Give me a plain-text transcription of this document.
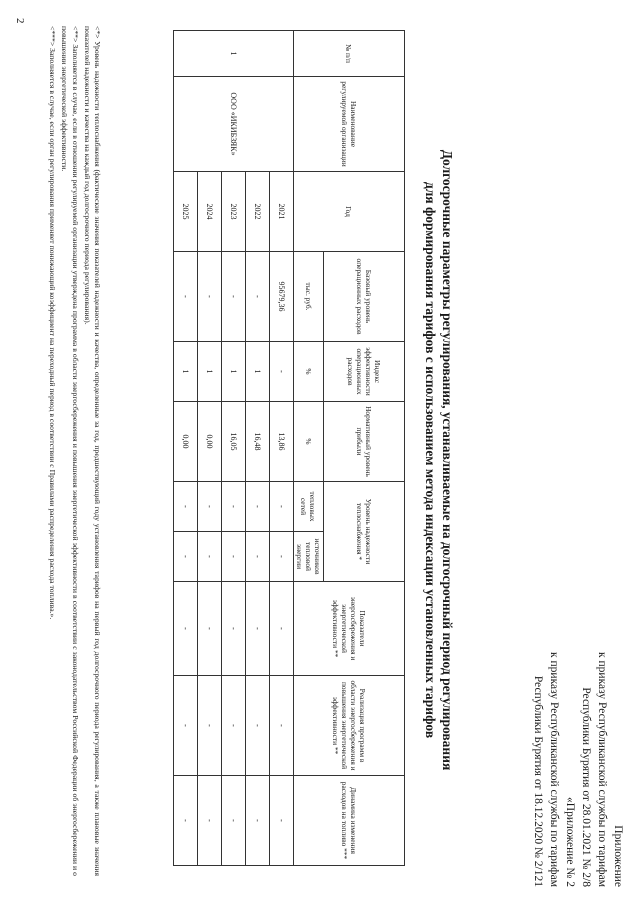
Приложение
к приказу Республиканской службы по тарифам
Республики Бурятия от 28.01.2021 № 2/8
«Приложение № 2
к приказу Республиканской службы по тарифам
Республики Бурятия от 18.12.2020 № 2/121
Долгосрочные параметры регулирования, устанавливаемые на долгосрочный период регулирования
для формирования тарифов с использованием метода индексации установленных тарифов
№ п/п	Наименование регулируемой организации	Год	Базовый уровень операционных расходов	Индекс эффективности операционных расходов	Нормативный уровень прибыли	Уровень надежности теплоснабжения *		Показатели энергосбережения и энергетической эффективности **	Реализация программ в области энергосбережения и повышения энергетической эффективности **	Динамика изменения расходов на топливо ***
						тепловых сетей	источников тепловой энергии			
			тыс. руб.	%	%					
1	ООО «ИКИБЗЯК»	2021	95679,36	-	13,86	-	-	-	-	-
		2022	-	1	16,48	-	-	-	-	-
		2023	-	1	16,05	-	-	-	-	-
		2024	-	1	0,00	-	-	-	-	-
		2025	-	1	0,00	-	-	-	-	-

<*> Уровень надежности теплоснабжения (фактические значения показателей надежности и качества, определенные за год, предшествующий году установления тарифов на первый год долгосрочного периода регулирования, а также плановые значения показателей надежности и качества на каждый год долгосрочного периода регулирования).

<**> Заполняется в случае, если в отношении регулируемой организации утверждена программа в области энергосбережения и повышения энергетической эффективности в соответствии с законодательством Российской Федерации об энергосбережении и о повышении энергетической эффективности.

<***> Заполняется в случае, если орган регулирования применяет понижающий коэффициент на переходный период в соответствии с Правилами распределения расхода топлива.».

2
